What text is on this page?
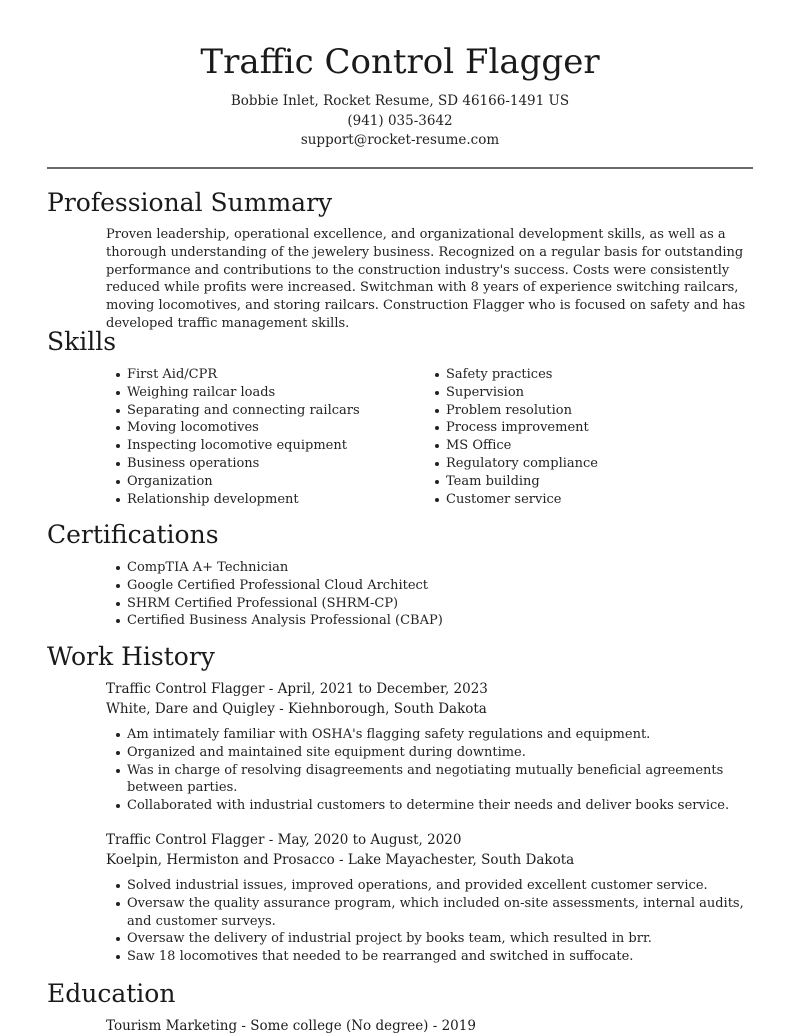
Traffic Control Flagger
Bobbie Inlet, Rocket Resume, SD 46166-1491 US
(941) 035-3642
support@rocket-resume.com
Professional Summary

Proven leadership, operational excellence, and organizational development skills, as well as a thorough understanding of the jewelery business. Recognized on a regular basis for outstanding performance and contributions to the construction industry's success. Costs were consistently reduced while profits were increased. Switchman with 8 years of experience switching railcars, moving locomotives, and storing railcars. Construction Flagger who is focused on safety and has developed traffic management skills.

Skills
First Aid/CPR
Weighing railcar loads
Separating and connecting railcars
Moving locomotives
Inspecting locomotive equipment
Business operations
Organization
Relationship development
Safety practices
Supervision
Problem resolution
Process improvement
MS Office
Regulatory compliance
Team building
Customer service
Certifications
CompTIA A+ Technician
Google Certified Professional Cloud Architect
SHRM Certified Professional (SHRM-CP)
Certified Business Analysis Professional (CBAP)
Work History
Traffic Control Flagger - April, 2021 to December, 2023
White, Dare and Quigley - Kiehnborough, South Dakota
Am intimately familiar with OSHA's flagging safety regulations and equipment.
Organized and maintained site equipment during downtime.
Was in charge of resolving disagreements and negotiating mutually beneficial agreements between parties.
Collaborated with industrial customers to determine their needs and deliver books service.
Traffic Control Flagger - May, 2020 to August, 2020
Koelpin, Hermiston and Prosacco - Lake Mayachester, South Dakota
Solved industrial issues, improved operations, and provided excellent customer service.
Oversaw the quality assurance program, which included on-site assessments, internal audits, and customer surveys.
Oversaw the delivery of industrial project by books team, which resulted in brr.
Saw 18 locomotives that needed to be rearranged and switched in suffocate.
Education
Tourism Marketing - Some college (No degree) - 2019
